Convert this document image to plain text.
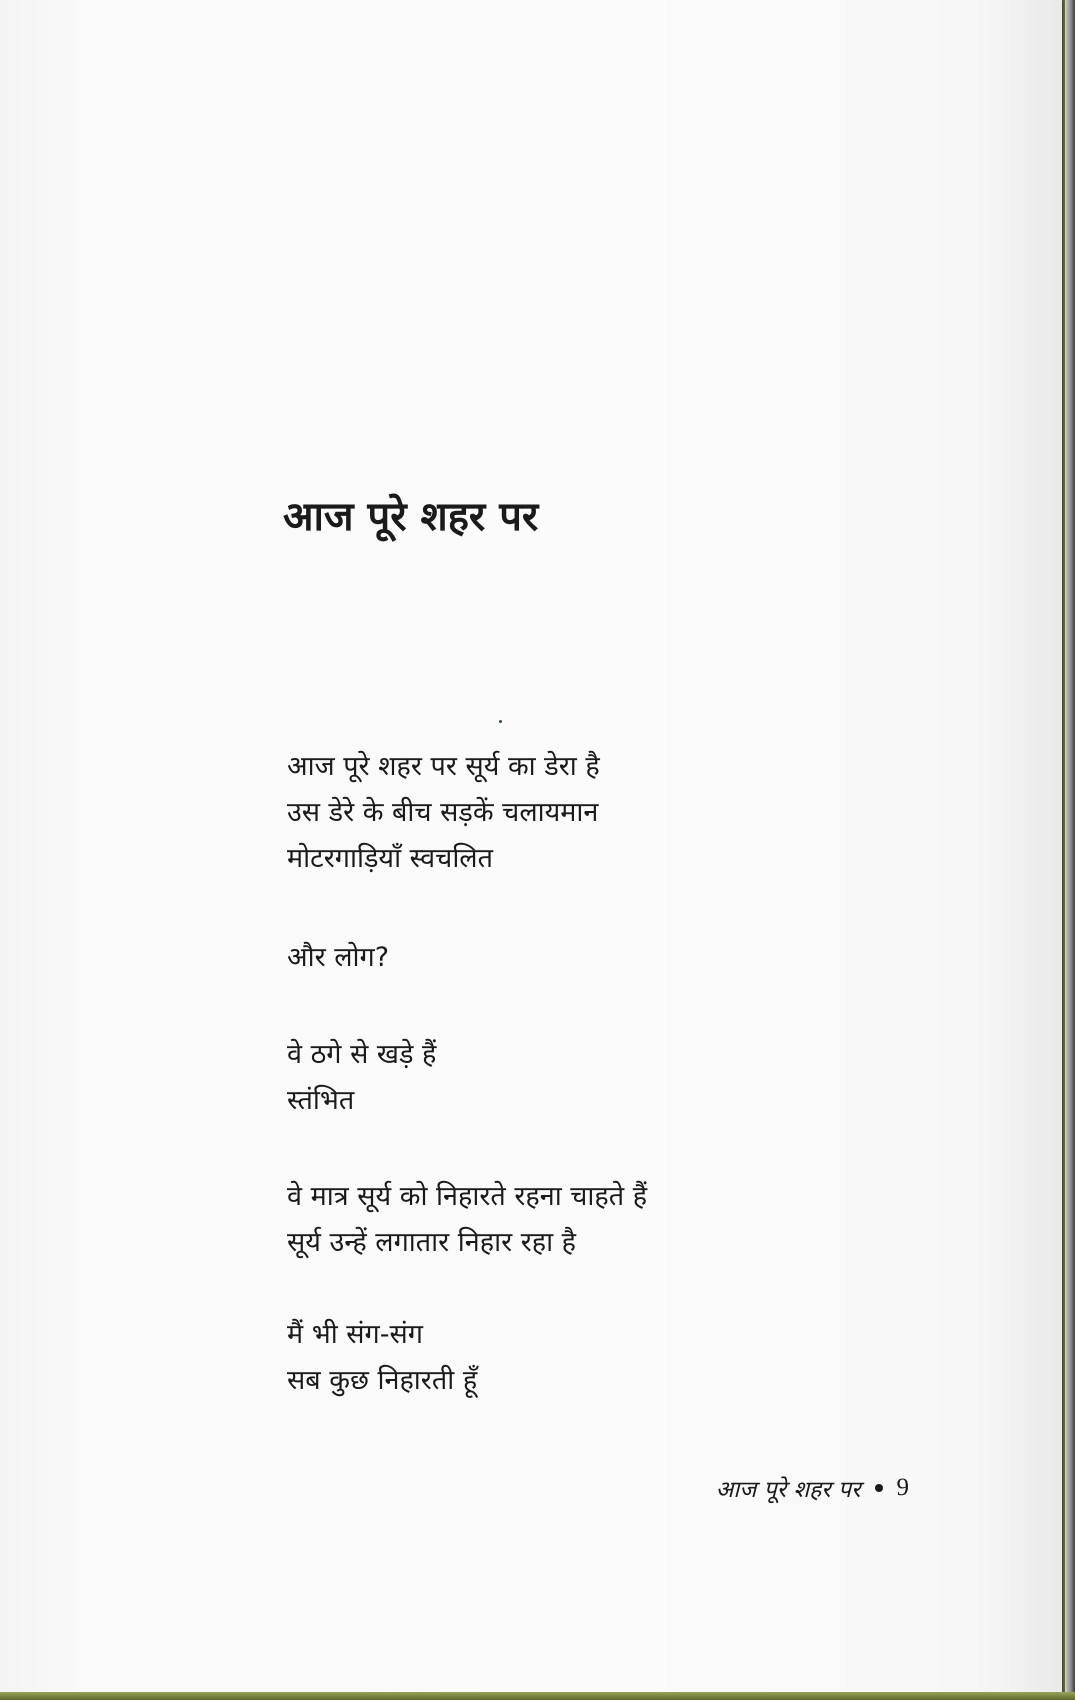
आज पूरे शहर पर
आज पूरे शहर पर सूर्य का डेरा है
उस डेरे के बीच सड़कें चलायमान
मोटरगाड़ियाँ स्वचलित
और लोग?
वे ठगे से खड़े हैं
स्तंभित
वे मात्र सूर्य को निहारते रहना चाहते हैं
सूर्य उन्हें लगातार निहार रहा है
मैं भी संग-संग
सब कुछ निहारती हूँ
आज पूरे शहर पर 9
